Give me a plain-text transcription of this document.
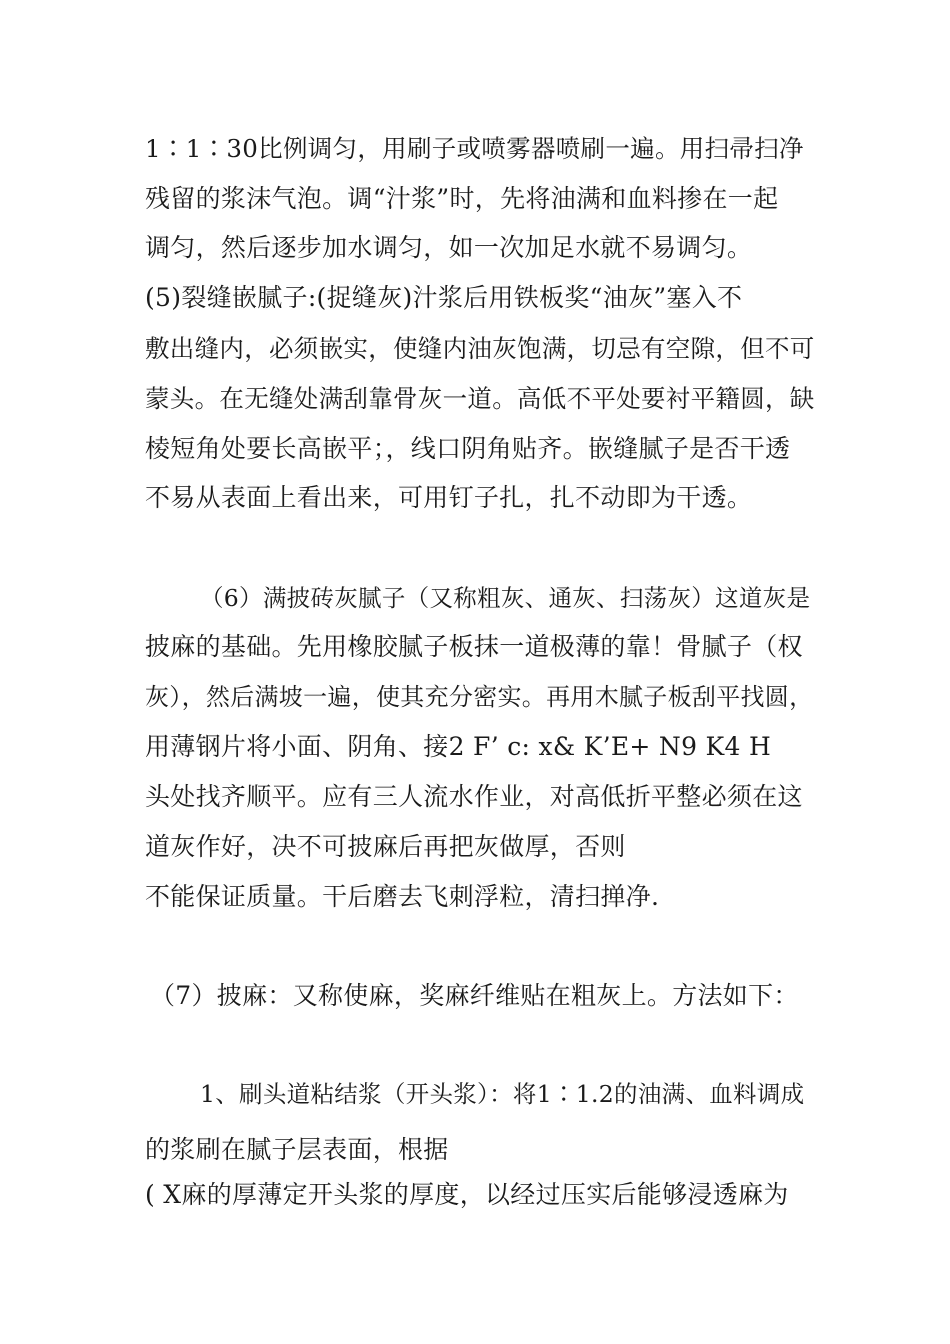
1∶1∶30比例调匀，用刷子或喷雾器喷刷一遍。用扫帚扫净
残留的浆沫气泡。调“汁浆”时，先将油满和血料掺在一起
调匀，然后逐步加水调匀，如一次加足水就不易调匀。
(5)裂缝嵌腻子:(捉缝灰)汁浆后用铁板奖“油灰”塞入不
敷出缝内，必须嵌实，使缝内油灰饱满，切忌有空隙，但不可
蒙头。在无缝处满刮靠骨灰一道。高低不平处要衬平籍圆，缺
棱短角处要长高嵌平；，线口阴角贴齐。嵌缝腻子是否干透
不易从表面上看出来，可用钉子扎，扎不动即为干透。
（6）满披砖灰腻子（又称粗灰、通灰、扫荡灰）这道灰是
披麻的基础。先用橡胶腻子板抹一道极薄的靠！骨腻子（权
灰），然后满坡一遍，使其充分密实。再用木腻子板刮平找圆，
用薄钢片将小面、阴角、接2 F’ c: x& K’E+ N9 K4 H
头处找齐顺平。应有三人流水作业，对高低折平整必须在这
道灰作好，决不可披麻后再把灰做厚，否则
不能保证质量。干后磨去飞刺浮粒，清扫掸净.
（7）披麻：又称使麻，奖麻纤维贴在粗灰上。方法如下：
1、刷头道粘结浆（开头浆）：将1∶1.2的油满、血料调成
的浆刷在腻子层表面，根据
( X麻的厚薄定开头浆的厚度，以经过压实后能够浸透麻为
